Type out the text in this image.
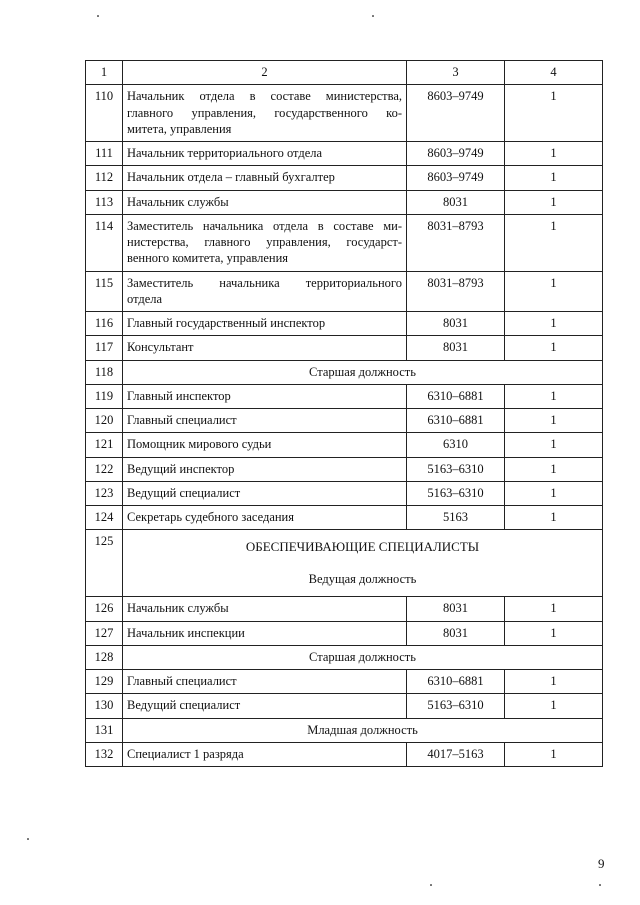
1	2	3	4
110	Начальник отдела в составе министерства,
главного управления, государственного ко-
митета, управления	8603–9749	1
111	Начальник территориального отдела	8603–9749	1
112	Начальник отдела – главный бухгалтер	8603–9749	1
113	Начальник службы	8031	1
114	Заместитель начальника отдела в составе ми-
нистерства, главного управления, государст-
венного комитета, управления	8031–8793	1
115	Заместитель начальника территориального
отдела	8031–8793	1
116	Главный государственный инспектор	8031	1
117	Консультант	8031	1
118	Старшая должность		
119	Главный инспектор	6310–6881	1
120	Главный специалист	6310–6881	1
121	Помощник мирового судьи	6310	1
122	Ведущий инспектор	5163–6310	1
123	Ведущий специалист	5163–6310	1
124	Секретарь судебного заседания	5163	1
125	ОБЕСПЕЧИВАЮЩИЕ СПЕЦИАЛИСТЫ
Ведущая должность		

126	Начальник службы	8031	1
127	Начальник инспекции	8031	1
128	Старшая должность		
129	Главный специалист	6310–6881	1
130	Ведущий специалист	5163–6310	1
131	Младшая должность		
132	Специалист 1 разряда	4017–5163	1
9
